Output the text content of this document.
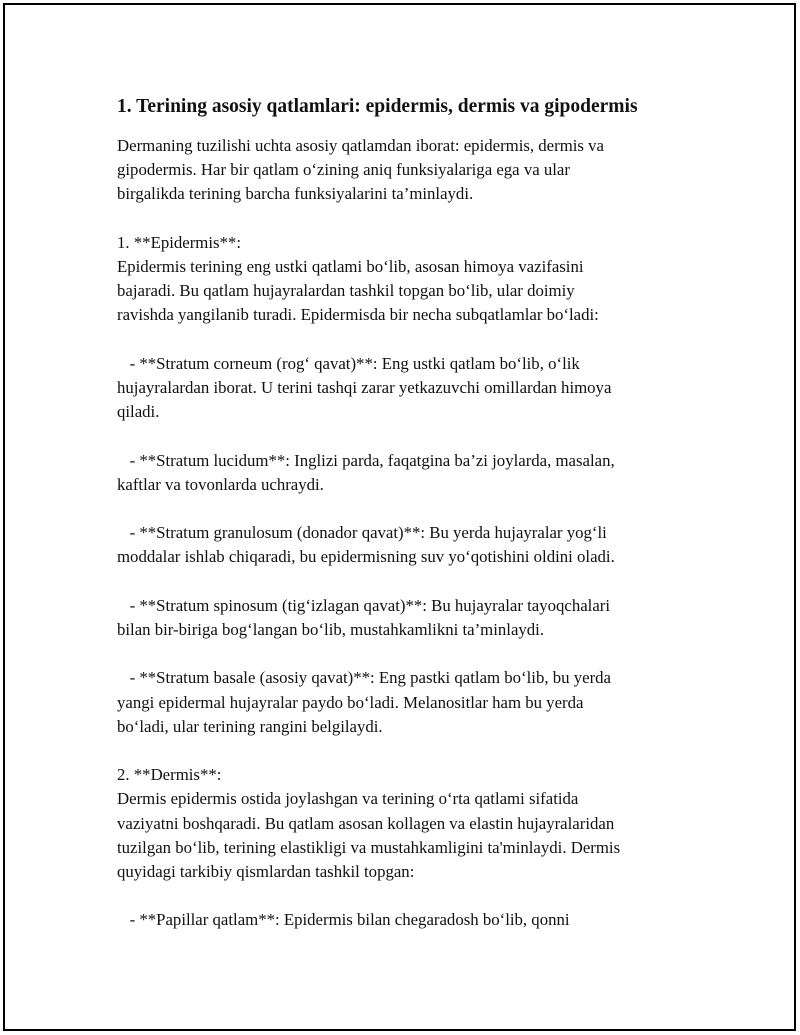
1. Terining asosiy qatlamlari: epidermis, dermis va gipodermis
Dermaning tuzilishi uchta asosiy qatlamdan iborat: epidermis, dermis va
gipodermis. Har bir qatlam o‘zining aniq funksiyalariga ega va ular
birgalikda terining barcha funksiyalarini ta’minlaydi.
1. **Epidermis**:
Epidermis terining eng ustki qatlami bo‘lib, asosan himoya vazifasini
bajaradi. Bu qatlam hujayralardan tashkil topgan bo‘lib, ular doimiy
ravishda yangilanib turadi. Epidermisda bir necha subqatlamlar bo‘ladi:
- **Stratum corneum (rog‘ qavat)**: Eng ustki qatlam bo‘lib, o‘lik
hujayralardan iborat. U terini tashqi zarar yetkazuvchi omillardan himoya
qiladi.
- **Stratum lucidum**: Inglizi parda, faqatgina ba’zi joylarda, masalan,
kaftlar va tovonlarda uchraydi.
- **Stratum granulosum (donador qavat)**: Bu yerda hujayralar yog‘li
moddalar ishlab chiqaradi, bu epidermisning suv yo‘qotishini oldini oladi.
- **Stratum spinosum (tig‘izlagan qavat)**: Bu hujayralar tayoqchalari
bilan bir-biriga bog‘langan bo‘lib, mustahkamlikni ta’minlaydi.
- **Stratum basale (asosiy qavat)**: Eng pastki qatlam bo‘lib, bu yerda
yangi epidermal hujayralar paydo bo‘ladi. Melanositlar ham bu yerda
bo‘ladi, ular terining rangini belgilaydi.
2. **Dermis**:
Dermis epidermis ostida joylashgan va terining o‘rta qatlami sifatida
vaziyatni boshqaradi. Bu qatlam asosan kollagen va elastin hujayralaridan
tuzilgan bo‘lib, terining elastikligi va mustahkamligini ta'minlaydi. Dermis
quyidagi tarkibiy qismlardan tashkil topgan:
- **Papillar qatlam**: Epidermis bilan chegaradosh bo‘lib, qonni
